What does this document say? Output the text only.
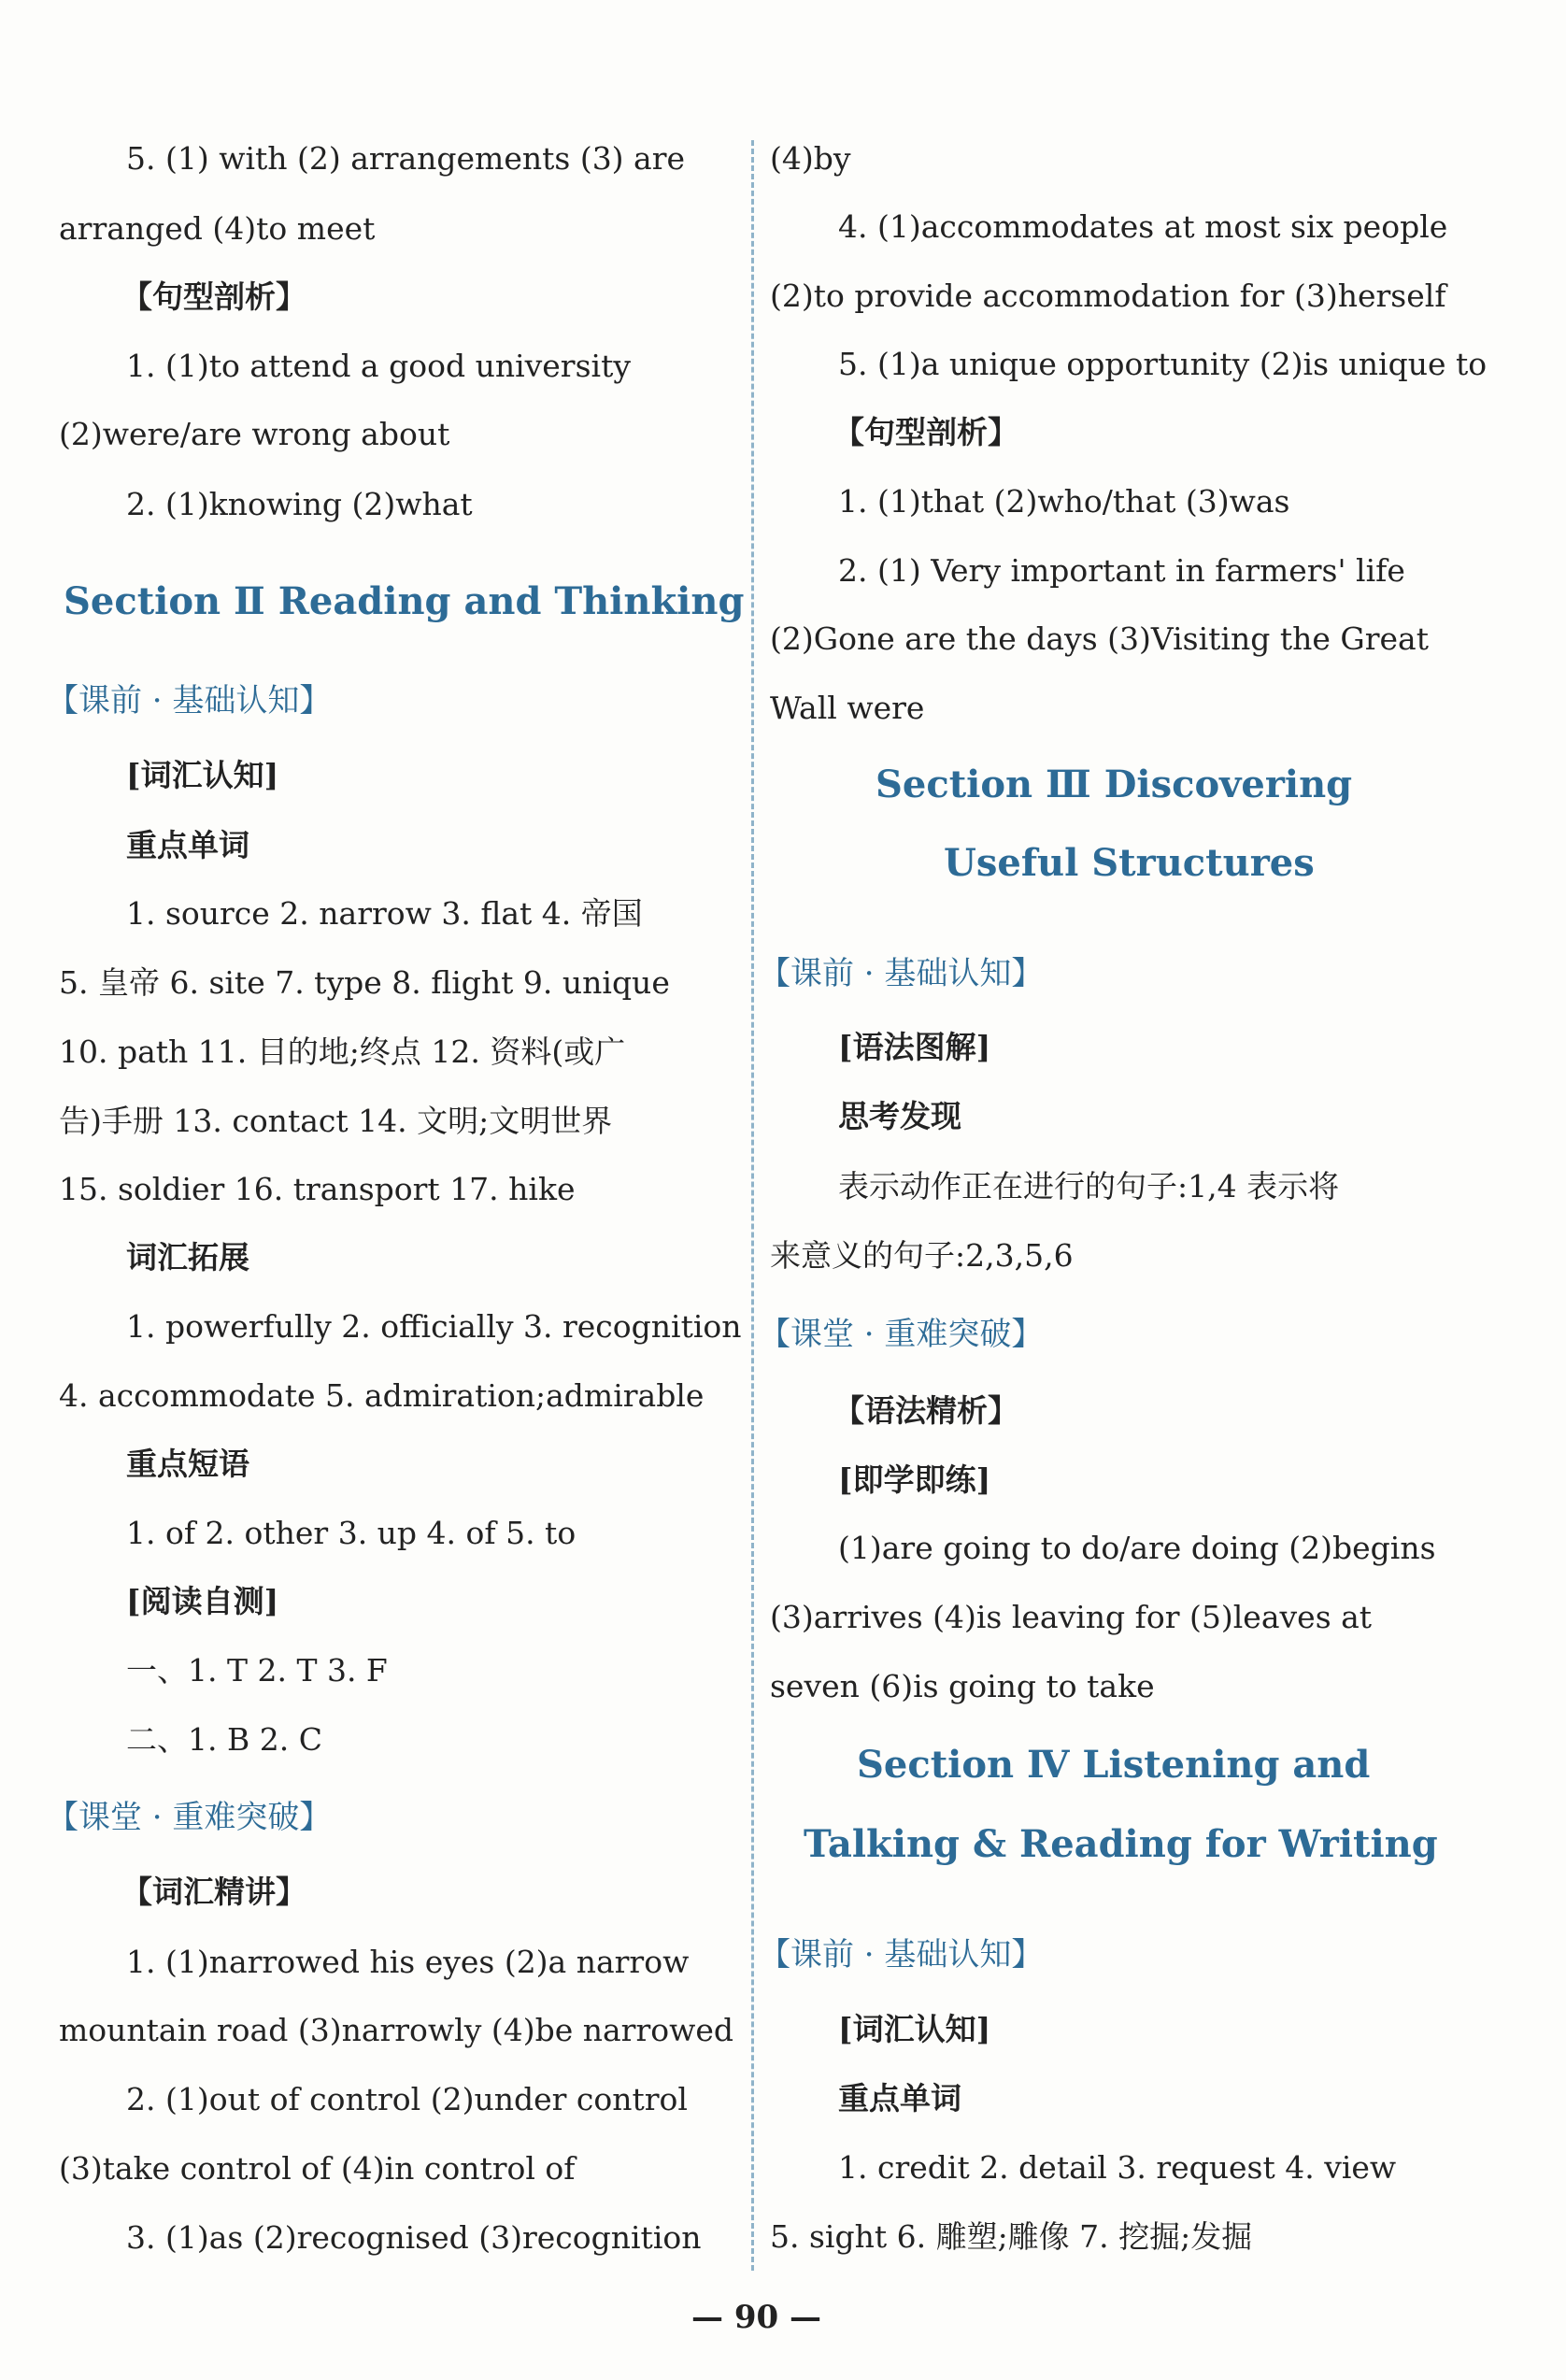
5. (1) with (2) arrangements (3) are
arranged (4)to meet
【句型剖析】
1. (1)to attend a good university
(2)were/are wrong about
2. (1)knowing (2)what
Section Ⅱ Reading and Thinking
【课前 · 基础认知】
[词汇认知]
重点单词
1. source 2. narrow 3. flat 4. 帝国
5. 皇帝 6. site 7. type 8. flight 9. unique
10. path 11. 目的地;终点 12. 资料(或广
告)手册 13. contact 14. 文明;文明世界
15. soldier 16. transport 17. hike
词汇拓展
1. powerfully 2. officially 3. recognition
4. accommodate 5. admiration;admirable
重点短语
1. of 2. other 3. up 4. of 5. to
[阅读自测]
一、1. T 2. T 3. F
二、1. B 2. C
【课堂 · 重难突破】
【词汇精讲】
1. (1)narrowed his eyes (2)a narrow
mountain road (3)narrowly (4)be narrowed
2. (1)out of control (2)under control
(3)take control of (4)in control of
3. (1)as (2)recognised (3)recognition
(4)by
4. (1)accommodates at most six people
(2)to provide accommodation for (3)herself
5. (1)a unique opportunity (2)is unique to
【句型剖析】
1. (1)that (2)who/that (3)was
2. (1) Very important in farmers' life
(2)Gone are the days (3)Visiting the Great
Wall were
Section Ⅲ Discovering
Useful Structures
【课前 · 基础认知】
[语法图解]
思考发现
表示动作正在进行的句子:1,4 表示将
来意义的句子:2,3,5,6
【课堂 · 重难突破】
【语法精析】
[即学即练]
(1)are going to do/are doing (2)begins
(3)arrives (4)is leaving for (5)leaves at
seven (6)is going to take
Section Ⅳ Listening and
Talking & Reading for Writing
【课前 · 基础认知】
[词汇认知]
重点单词
1. credit 2. detail 3. request 4. view
5. sight 6. 雕塑;雕像 7. 挖掘;发掘
— 90 —
